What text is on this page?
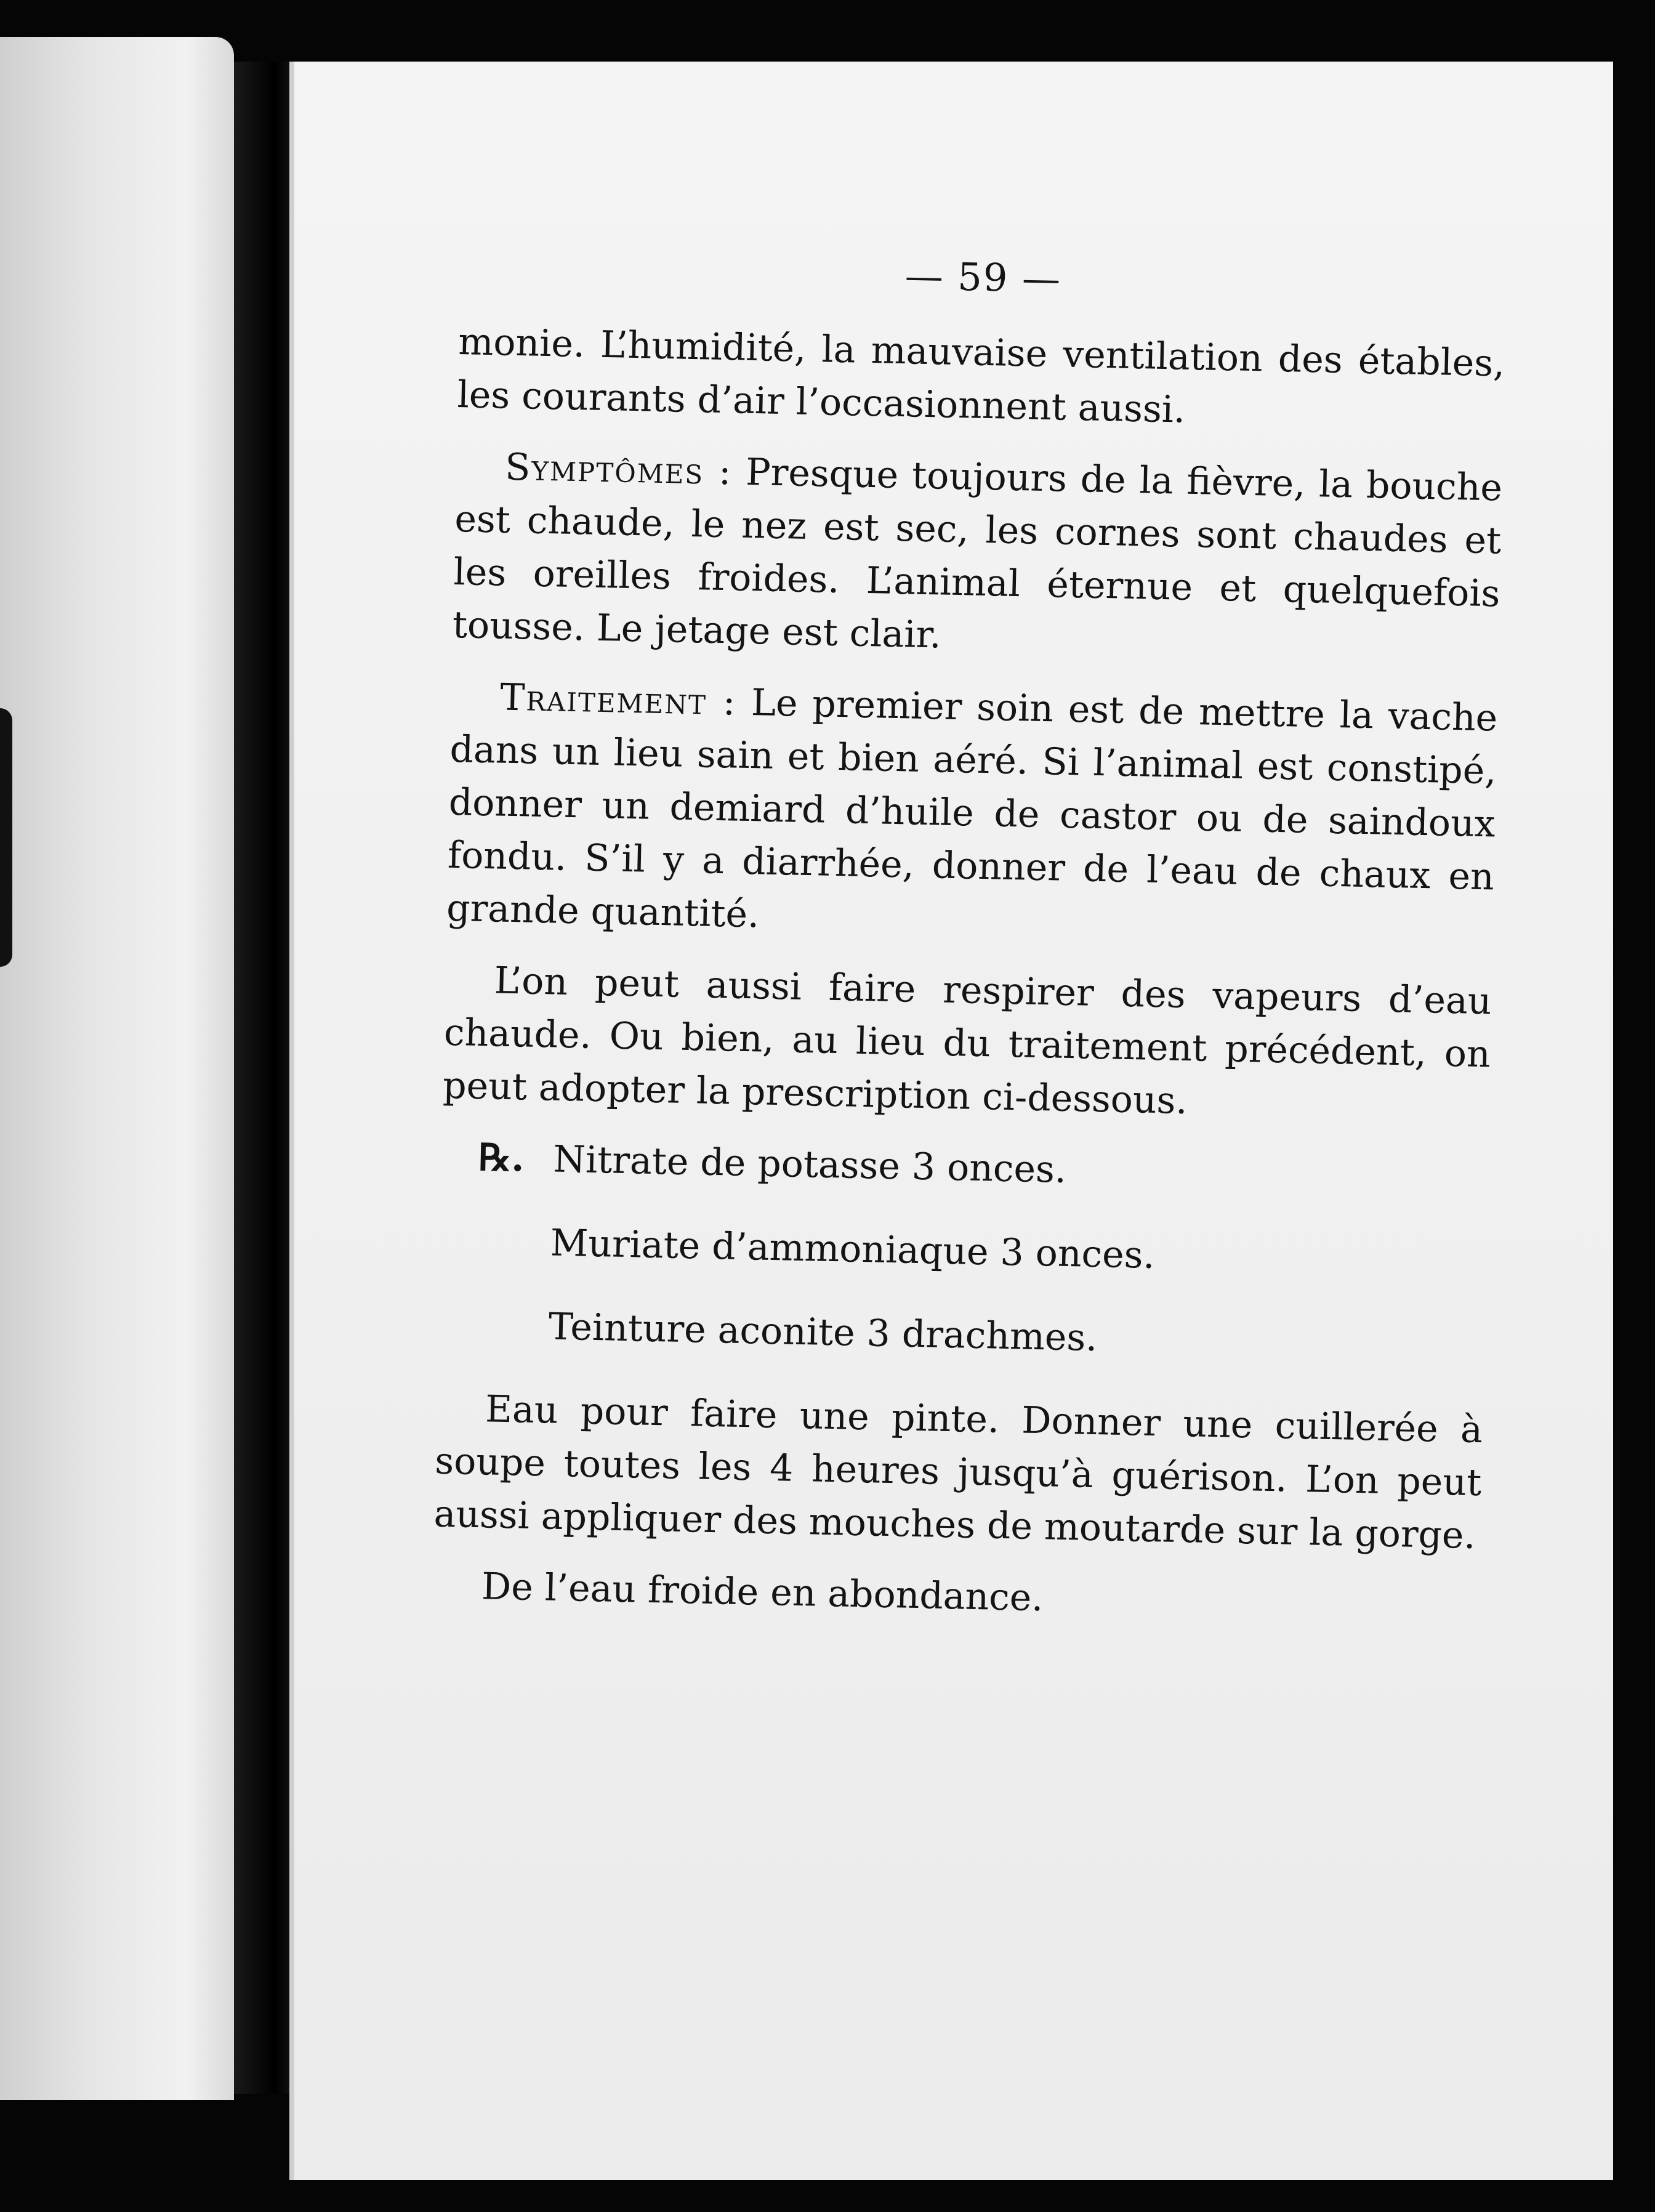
— 59 —

monie. L’humidité, la mauvaise ventilation des étables, les courants d’air l’occasionnent aussi.

Symptômes : Presque toujours de la fièvre, la bouche est chaude, le nez est sec, les cornes sont chaudes et les oreilles froides. L’animal éternue et quelquefois tousse. Le jetage est clair.

Traitement : Le premier soin est de mettre la vache dans un lieu sain et bien aéré. Si l’animal est constipé, donner un demiard d’huile de castor ou de saindoux fondu. S’il y a diarrhée, donner de l’eau de chaux en grande quantité.

L’on peut aussi faire respirer des vapeurs d’eau chaude. Ou bien, au lieu du traitement précédent, on peut adopter la prescription ci-dessous.

℞. Nitrate de potasse 3 onces.
Muriate d’ammoniaque 3 onces.
Teinture aconite 3 drachmes.

Eau pour faire une pinte. Donner une cuillerée à soupe toutes les 4 heures jusqu’à guérison. L’on peut aussi appliquer des mouches de moutarde sur la gorge.

De l’eau froide en abondance.
